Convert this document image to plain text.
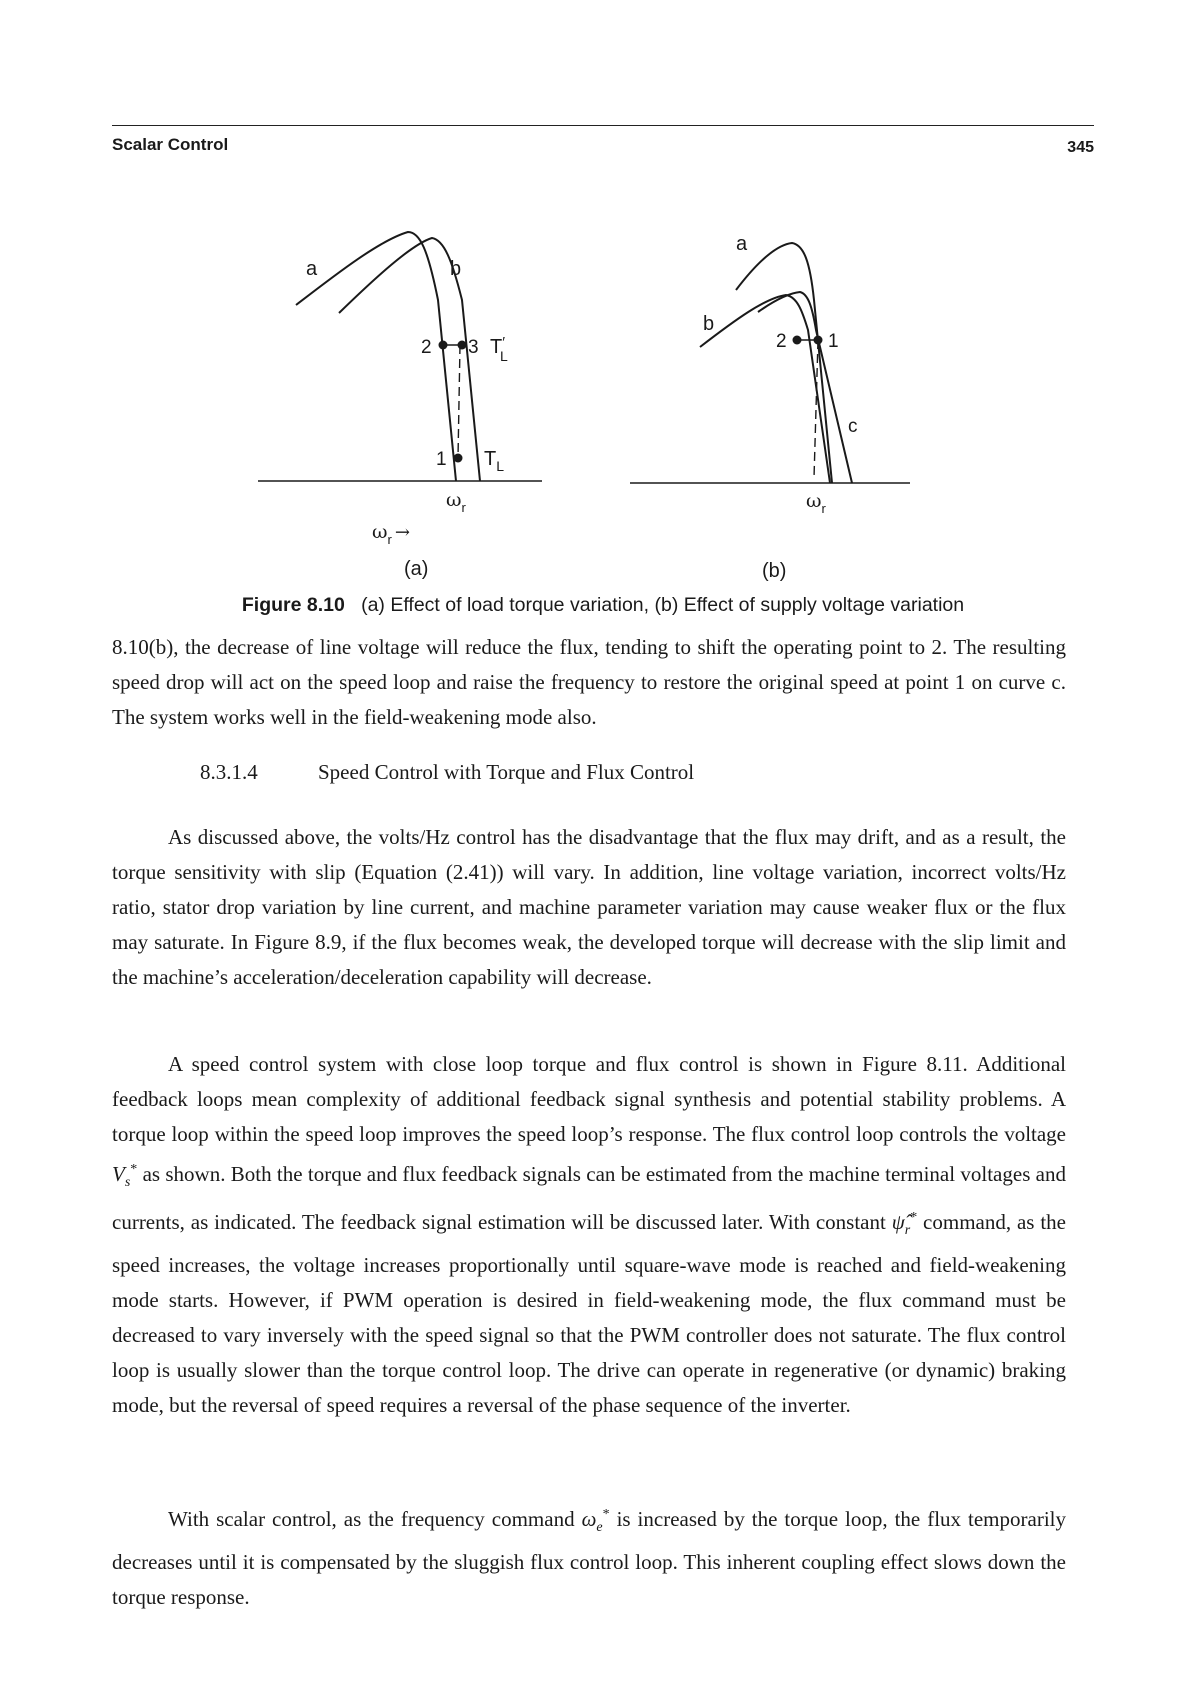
Scalar Control	345
a	b
2 3 T′ L
1 $T_L$
$\omega_r$
$\omega_r$ →
(a)
a
b
c
2 1
$\omega_r$
(b)
Figure 8.10 (a) Effect of load torque variation, (b) Effect of supply voltage variation

8.10(b), the decrease of line voltage will reduce the flux, tending to shift the operating point to 2. The resulting speed drop will act on the speed loop and raise the frequency to restore the original speed at point 1 on curve c. The system works well in the field-weakening mode also.

8.3.1.4	Speed Control with Torque and Flux Control

As discussed above, the volts/Hz control has the disadvantage that the flux may drift, and as a result, the torque sensitivity with slip (Equation (2.41)) will vary. In addition, line voltage variation, incorrect volts/Hz ratio, stator drop variation by line current, and machine parameter variation may cause weaker flux or the flux may saturate. In Figure 8.9, if the flux becomes weak, the developed torque will decrease with the slip limit and the machine’s acceleration/deceleration capability will decrease.

A speed control system with close loop torque and flux control is shown in Figure 8.11. Additional feedback loops mean complexity of additional feedback signal synthesis and potential stability problems. A torque loop within the speed loop improves the speed loop’s response. The flux control loop controls the voltage $V_s^*$ as shown. Both the torque and flux feedback signals can be estimated from the machine terminal voltages and currents, as indicated. The feedback signal estimation will be discussed later. With constant $\psî_r^*$ command, as the speed increases, the voltage increases proportionally until square-wave mode is reached and field-weakening mode starts. However, if PWM operation is desired in field-weakening mode, the flux command must be decreased to vary inversely with the speed signal so that the PWM controller does not saturate. The flux control loop is usually slower than the torque control loop. The drive can operate in regenerative (or dynamic) braking mode, but the reversal of speed requires a reversal of the phase sequence of the inverter.

With scalar control, as the frequency command $\omega_e^*$ is increased by the torque loop, the flux temporarily decreases until it is compensated by the sluggish flux control loop. This inherent coupling effect slows down the torque response.
